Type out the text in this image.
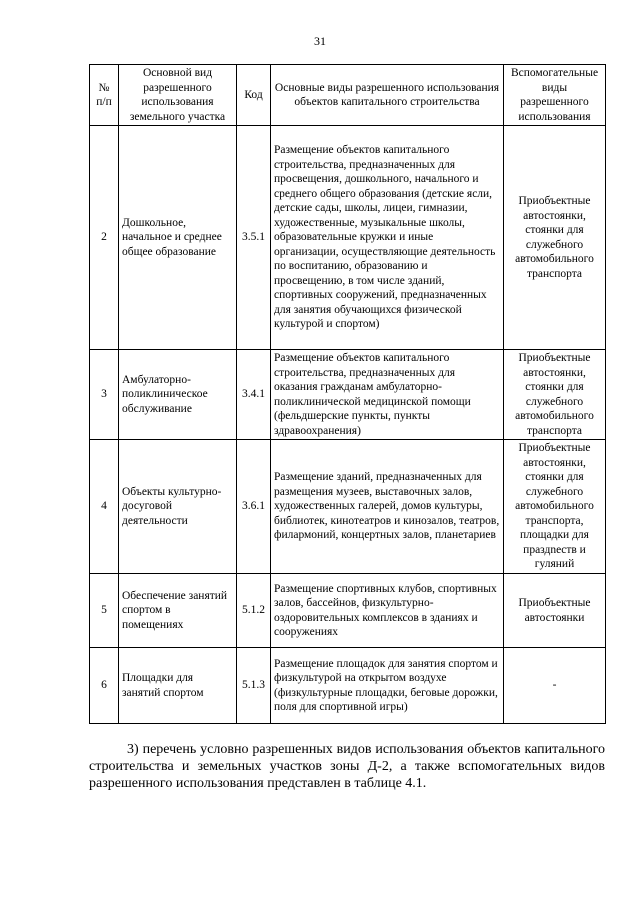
31
№ п/п	Основной вид разрешенного использования земельного участка	Код	Основные виды разрешенного использования объектов капитального строительства	Вспомогательные виды разрешенного использования
2	Дошкольное, начальное и среднее общее образование	3.5.1	Размещение объектов капитального строительства, предназначенных для просвещения, дошкольного, начального и среднего общего образования (детские ясли, детские сады, школы, лицеи, гимназии, художественные, музыкальные школы, образовательные кружки и иные организации, осуществляющие деятельность по воспитанию, образованию и просвещению, в том числе зданий, спортивных сооружений, предназначенных для занятия обучающихся физической культурой и спортом)	Приобъектные автостоянки, стоянки для служебного автомобильного транспорта
3	Амбулаторно-поликлиническое обслуживание	3.4.1	Размещение объектов капитального строительства, предназначенных для оказания гражданам амбулаторно-поликлинической медицинской помощи (фельдшерские пункты, пункты здравоохранения)	Приобъектные автостоянки, стоянки для служебного автомобильного транспорта
4	Объекты культурно-досуговой деятельности	3.6.1	Размещение зданий, предназначенных для размещения музеев, выставочных залов, художественных галерей, домов культуры, библиотек, кинотеатров и кинозалов, театров, филармоний, концертных залов, планетариев	Приобъектные автостоянки, стоянки для служебного автомобильного транспорта, площадки для праздneств и гуляний
5	Обеспечение занятий спортом в помещениях	5.1.2	Размещение спортивных клубов, спортивных залов, бассейнов, физкультурно-оздоровительных комплексов в зданиях и сооружениях	Приобъектные автостоянки
6	Площадки для занятий спортом	5.1.3	Размещение площадок для занятия спортом и физкультурой на открытом воздухе (физкультурные площадки, беговые дорожки, поля для спортивной игры)	-

3) перечень условно разрешенных видов использования объектов капитального строительства и земельных участков зоны Д-2, а также вспомогательных видов разрешенного использования представлен в таблице 4.1.
